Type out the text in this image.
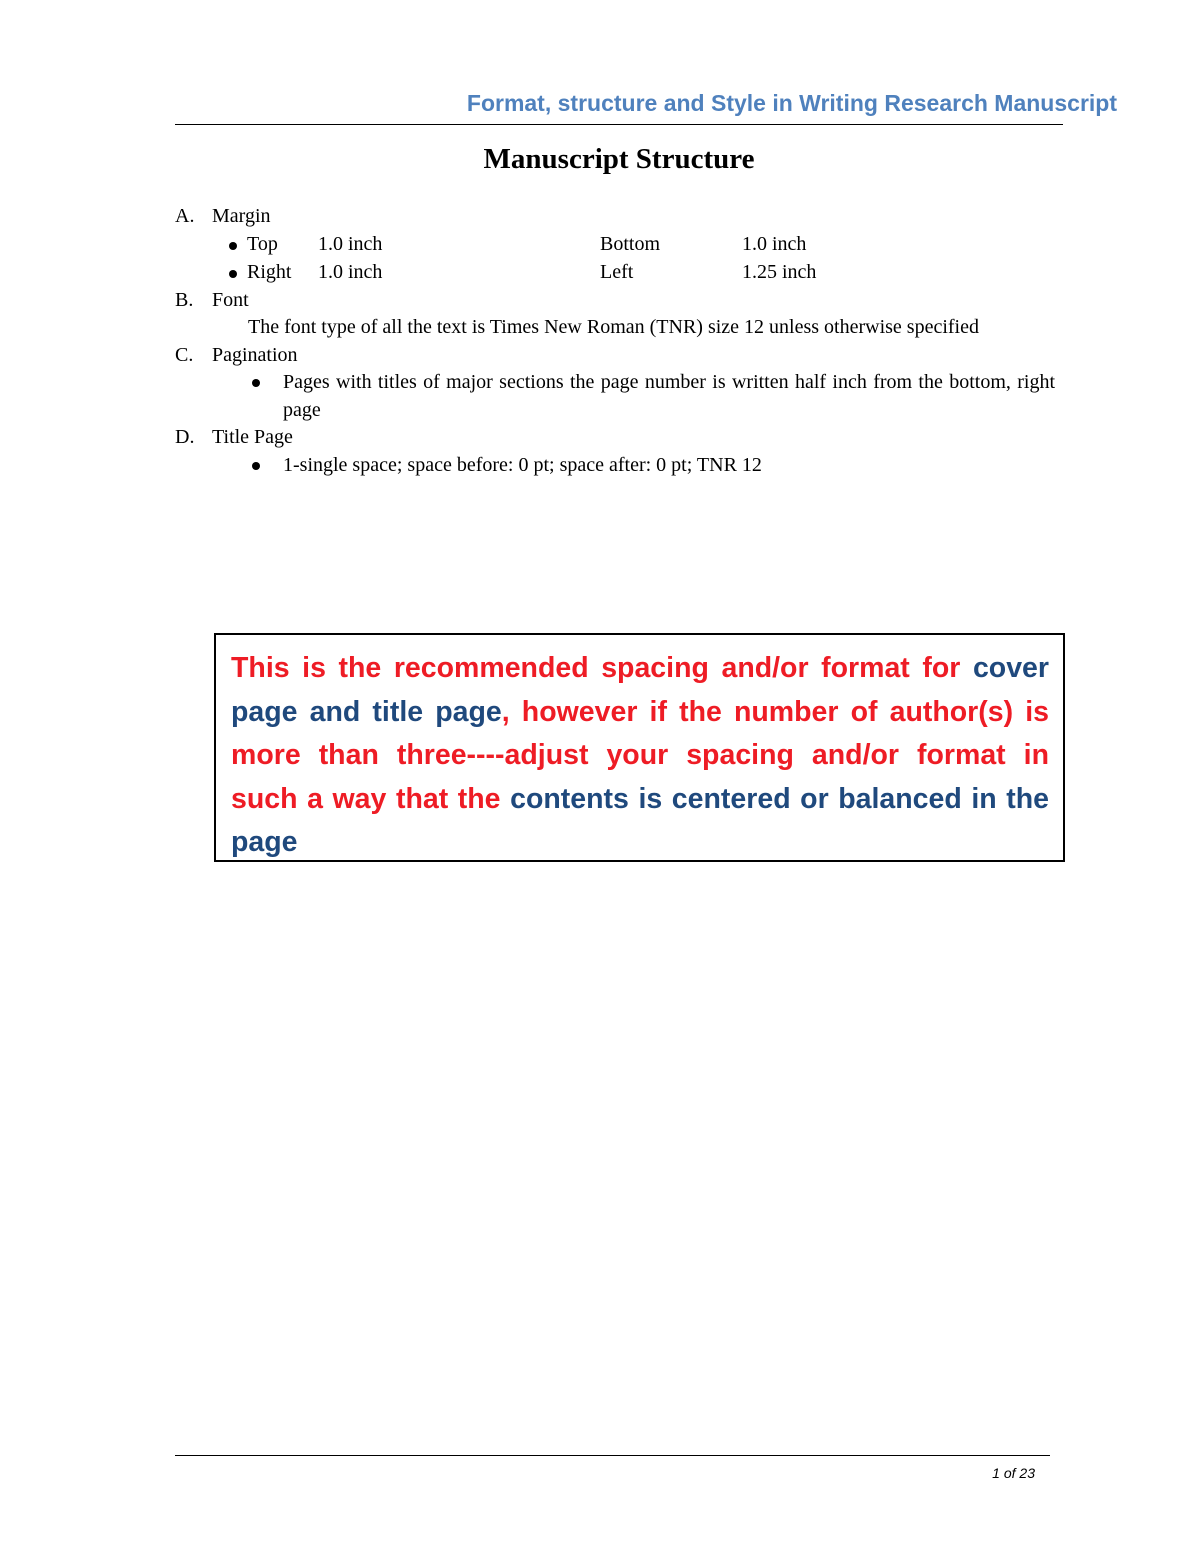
Format, structure and Style in Writing Research Manuscript
Manuscript Structure
A. Margin
Top 1.0 inch	Bottom	1.0 inch
Right 1.0 inch	Left	1.25 inch
B. Font
The font type of all the text is Times New Roman (TNR) size 12 unless otherwise specified
C. Pagination
Pages with titles of major sections the page number is written half inch from the bottom, right page
D. Title Page
1-single space; space before: 0 pt; space after: 0 pt; TNR 12
This is the recommended spacing and/or format for cover page and title page, however if the number of author(s) is more than three----adjust your spacing and/or format in such a way that the contents is centered or balanced in the page
1 of 23
